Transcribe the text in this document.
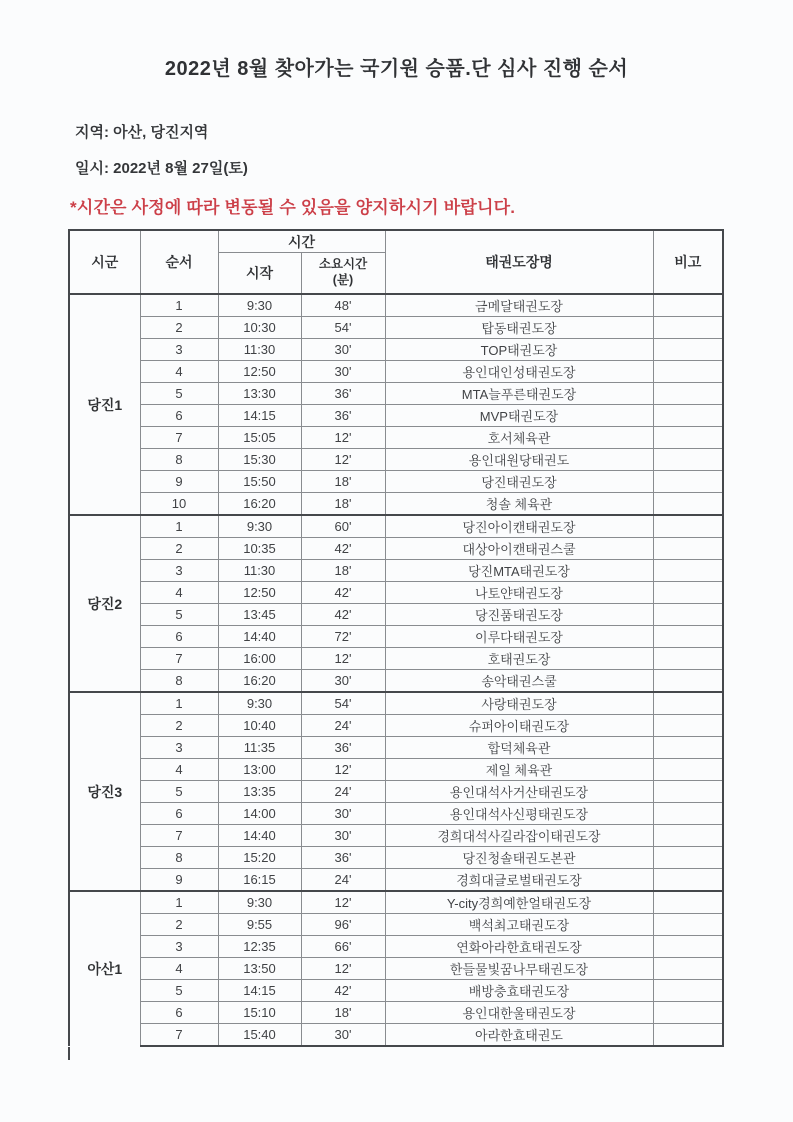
2022년 8월 찾아가는 국기원 승품.단 심사 진행 순서
지역: 아산, 당진지역
일시: 2022년 8월 27일(토)
*시간은 사정에 따라 변동될 수 있음을 양지하시기 바랍니다.
시군	순서	시간		태권도장명	비고
		시작	소요시간
(분)		
당진1	1	9:30	48'	금메달태권도장	
	2	10:30	54'	탑동태권도장	
	3	11:30	30'	TOP태권도장	
	4	12:50	30'	용인대인성태권도장	
	5	13:30	36'	MTA늘푸른태권도장	
	6	14:15	36'	MVP태권도장	
	7	15:05	12'	호서체육관	
	8	15:30	12'	용인대원당태권도	
	9	15:50	18'	당진태권도장	
	10	16:20	18'	청솔 체육관	
당진2	1	9:30	60'	당진아이캔태권도장	
	2	10:35	42'	대상아이캔태권스쿨	
	3	11:30	18'	당진MTA태권도장	
	4	12:50	42'	나토얀태권도장	
	5	13:45	42'	당진품태권도장	
	6	14:40	72'	이루다태권도장	
	7	16:00	12'	호태권도장	
	8	16:20	30'	송악태권스쿨	
당진3	1	9:30	54'	사랑태권도장	
	2	10:40	24'	슈퍼아이태권도장	
	3	11:35	36'	합덕체육관	
	4	13:00	12'	제일 체육관	
	5	13:35	24'	용인대석사거산태권도장	
	6	14:00	30'	용인대석사신평태권도장	
	7	14:40	30'	경희대석사길라잡이태권도장	
	8	15:20	36'	당진청솔태권도본관	
	9	16:15	24'	경희대글로벌태권도장	
아산1	1	9:30	12'	Y-city경희예한얼태권도장	
	2	9:55	96'	백석최고태권도장	
	3	12:35	66'	연화아라한효태권도장	
	4	13:50	12'	한들물빛꿈나무태권도장	
	5	14:15	42'	배방충효태권도장	
	6	15:10	18'	용인대한울태권도장	
	7	15:40	30'	아라한효태권도	
